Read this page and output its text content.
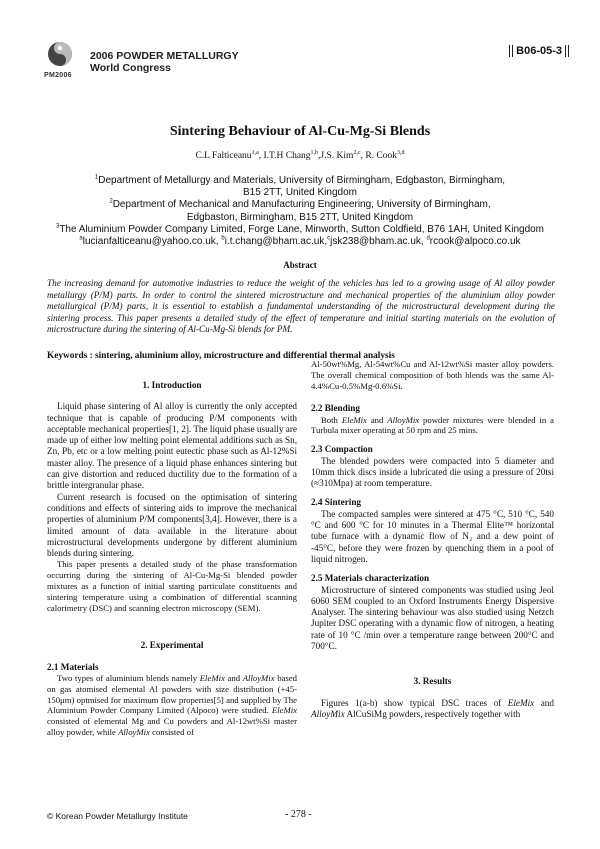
PM2006
2006 POWDER METALLURGY
World Congress
B06-05-3
Sintering Behaviour of Al-Cu-Mg-Si Blends
C.L Falticeanu$^{1,a}$, I.T.H Chang$^{1,b}$,J.S. Kim$^{2,c}$, R. Cook$^{3,d}$
$^1$Department of Metallurgy and Materials, University of Birmingham, Edgbaston, Birmingham,
B15 2TT, United Kingdom
$^2$Department of Mechanical and Manufacturing Engineering, University of Birmingham,
Edgbaston, Birmingham, B15 2TT, United Kingdom
$^3$The Aluminium Powder Company Limited, Forge Lane, Minworth, Sutton Coldfield, B76 1AH, United Kingdom
$^a$lucianfalticeanu@yahoo.co.uk, $^b$i.t.chang@bham.ac.uk,$^c$jsk238@bham.ac.uk, $^d$rcook@alpoco.co.uk
Abstract
The increasing demand for automotive industries to reduce the weight of the vehicles has led to a growing usage of Al alloy powder metallurgy (P/M) parts. In order to control the sintered microstructure and mechanical properties of the aluminium alloy powder metallurgical (P/M) parts, it is essential to establish a fundamental understanding of the microstructural development during the sintering process. This paper presents a detailed study of the effect of temperature and initial starting materials on the evolution of microstructure during the sintering of Al-Cu-Mg-Si blends for PM.
Keywords : sintering, aluminium alloy, microstructure and differential thermal analysis
1. Introduction

Liquid phase sintering of Al alloy is currently the only accepted technique that is capable of producing P/M components with acceptable mechanical properties[1, 2]. The liquid phase usually are made up of either low melting point elemental additions such as Sn, Zn, Pb, etc or a low melting point eutectic phase such as Al-12%Si master alloy. The presence of a liquid phase enhances sintering but can give distortion and reduced ductility due to the formation of a brittle intergranular phase.

Current research is focused on the optimisation of sintering conditions and effects of sintering aids to improve the mechanical properties of aluminium P/M components[3,4]. However, there is a limited amount of data available in the literature about microstructural developments undergone by different aluminium blends during sintering.

This paper presents a detailed study of the phase transformation occurring during the sintering of Al-Cu-Mg-Si blended powder mixtures as a function of initial starting particulate constituents and sintering temperature using a combination of differential scanning calorimetry (DSC) and scanning electron microscopy (SEM).

2. Experimental
2.1 Materials

Two types of aluminium blends namely EleMix and AlloyMix based on gas atomised elemental Al powders with size distribution (+45-150μm) optmised for maximum flow properties[5] and supplied by The Aluminium Powder Company Limited (Alpoco) were studied. EleMix consisted of elemental Mg and Cu powders and Al-12wt%Si master alloy powder, while AlloyMix consisted of

Al-50wt%Mg, Al-54wt%Cu and Al-12wt%Si master alloy powders. The overall chemical composition of both blends was the same Al-4.4%Cu-0.5%Mg-0.6%Si.

2.2 Blending

Both EleMix and AlloyMix powder mixtures were blended in a Turbula mixer operating at 50 rpm and 25 mins.

2.3 Compaction

The blended powders were compacted into 5 diameter and 10mm thick discs inside a lubricated die using a pressure of 20tsi (≈310Mpa) at room temperature.

2.4 Sintering

The compacted samples were sintered at 475 °C, 510 °C, 540 °C and 600 °C for 10 minutes in a Thermal Elite™ horizontal tube furnace with a dynamic flow of N₂ and a dew point of -45°C, before they were frozen by quenching them in a pool of liquid nitrogen.

2.5 Materials characterization

Microstructure of sintered components was studied using Jeol 6060 SEM coupled to an Oxford Instruments Energy Dispersive Analyser. The sintering behaviour was also studied using Netzch Jupiter DSC operating with a dynamic flow of nitrogen, a heating rate of 10 °C /min over a temperature range between 200°C and 700°C.

3. Results

Figures 1(a-b) show typical DSC traces of EleMix and AlloyMix AlCuSiMg powders, respectively together with

© Korean Powder Metallurgy Institute	- 278 -
